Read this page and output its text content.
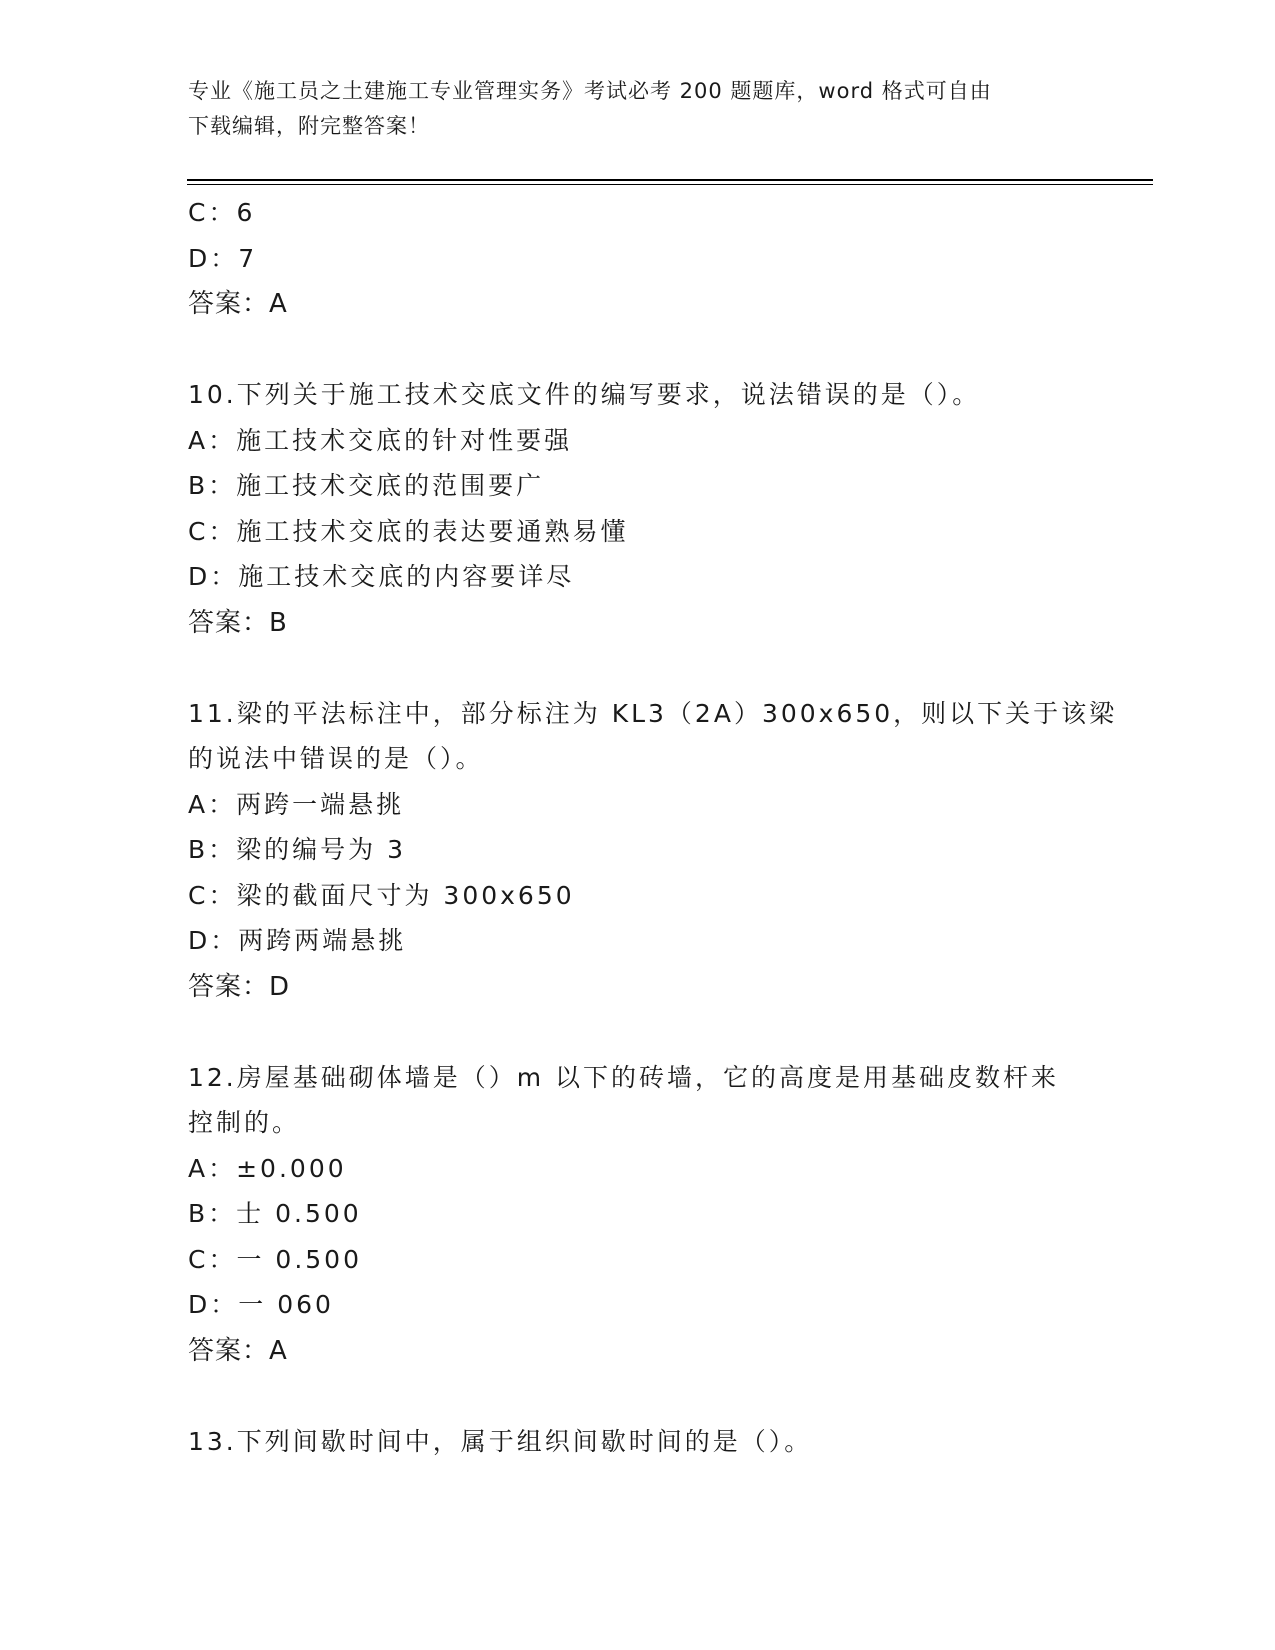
专业《施工员之土建施工专业管理实务》考试必考 200 题题库，word 格式可自由
下载编辑，附完整答案！
C：6
D：7
答案：A
10.下列关于施工技术交底文件的编写要求，说法错误的是（）。
A：施工技术交底的针对性要强
B：施工技术交底的范围要广
C：施工技术交底的表达要通熟易懂
D：施工技术交底的内容要详尽
答案：B
11.梁的平法标注中，部分标注为 KL3（2A）300x650，则以下关于该梁
的说法中错误的是（）。
A：两跨一端悬挑
B：梁的编号为 3
C：梁的截面尺寸为 300x650
D：两跨两端悬挑
答案：D
12.房屋基础砌体墙是（）m 以下的砖墙，它的高度是用基础皮数杆来
控制的。
A：±0.000
B：士 0.500
C：一 0.500
D：一 060
答案：A
13.下列间歇时间中，属于组织间歇时间的是（）。
